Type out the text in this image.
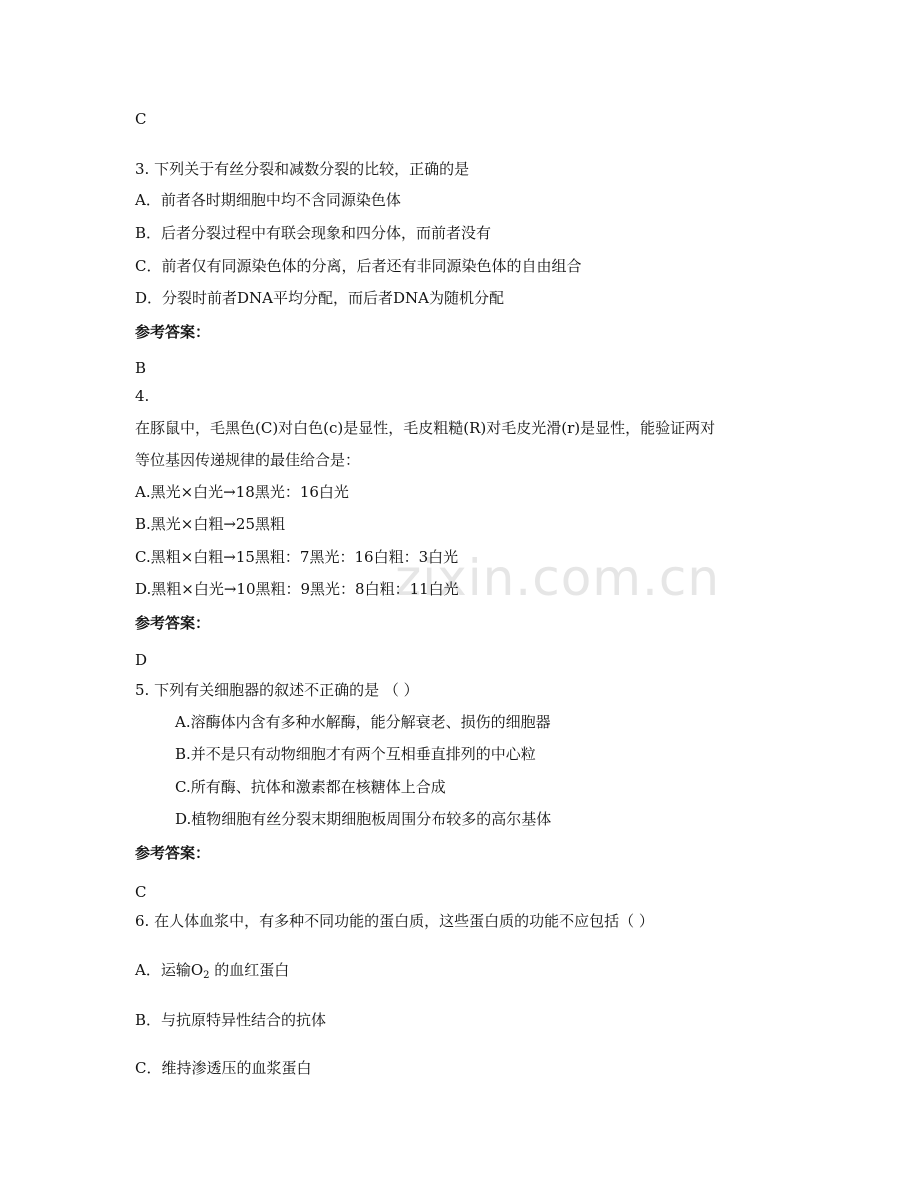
zixin.com.cn
C
3. 下列关于有丝分裂和减数分裂的比较，正确的是
A．前者各时期细胞中均不含同源染色体
B．后者分裂过程中有联会现象和四分体，而前者没有
C．前者仅有同源染色体的分离，后者还有非同源染色体的自由组合
D．分裂时前者DNA平均分配，而后者DNA为随机分配
参考答案：
B
4.
在豚鼠中，毛黑色(C)对白色(c)是显性，毛皮粗糙(R)对毛皮光滑(r)是显性，能验证两对
等位基因传递规律的最佳给合是：
A.黑光×白光→18黑光：16白光
B.黑光×白粗→25黑粗
C.黑粗×白粗→15黑粗：7黑光：16白粗：3白光
D.黑粗×白光→10黑粗：9黑光：8白粗：11白光
参考答案：
D
5. 下列有关细胞器的叙述不正确的是 （ ）
A.溶酶体内含有多种水解酶，能分解衰老、损伤的细胞器
B.并不是只有动物细胞才有两个互相垂直排列的中心粒
C.所有酶、抗体和激素都在核糖体上合成
D.植物细胞有丝分裂末期细胞板周围分布较多的高尔基体
参考答案：
C
6. 在人体血浆中，有多种不同功能的蛋白质，这些蛋白质的功能不应包括（ ）
A．运输$O_2$ 的血红蛋白
B．与抗原特异性结合的抗体
C．维持渗透压的血浆蛋白
